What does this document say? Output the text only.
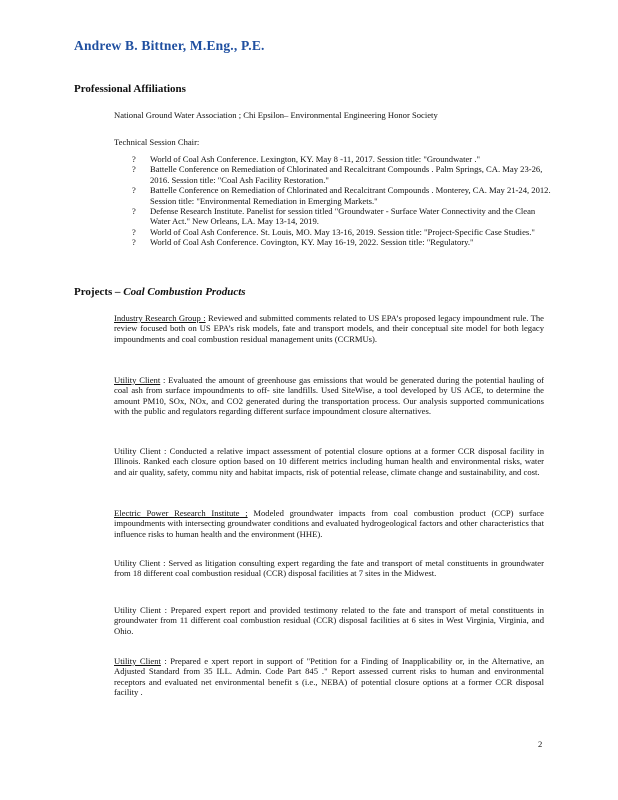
Andrew B. Bittner, M.Eng., P.E.
Professional Affiliations

National Ground Water Association ; Chi Epsilon– Environmental Engineering Honor Society

Technical Session Chair:

? World of Coal Ash Conference. Lexington, KY. May 8 -11, 2017. Session title: "Groundwater ."
? Battelle Conference on Remediation of Chlorinated and Recalcitrant Compounds . Palm Springs, CA. May 23-26, 2016. Session title: "Coal Ash Facility Restoration."
? Battelle Conference on Remediation of Chlorinated and Recalcitrant Compounds . Monterey, CA. May 21-24, 2012. Session title: "Environmental Remediation in Emerging Markets."
? Defense Research Institute. Panelist for session titled "Groundwater - Surface Water Connectivity and the Clean Water Act." New Orleans, LA. May 13-14, 2019.
? World of Coal Ash Conference. St. Louis, MO. May 13-16, 2019. Session title: "Project-Specific Case Studies."
? World of Coal Ash Conference. Covington, KY. May 16-19, 2022. Session title: "Regulatory."
Projects – Coal Combustion Products

Industry Research Group : Reviewed and submitted comments related to US EPA’s proposed legacy impoundment rule. The review focused both on US EPA’s risk models, fate and transport models, and their conceptual site model for both legacy impoundments and coal combustion residual management units (CCRMUs).

Utility Client : Evaluated the amount of greenhouse gas emissions that would be generated during the potential hauling of coal ash from surface impoundments to off- site landfills. Used SiteWise, a tool developed by US ACE, to determine the amount PM10, SOx, NOx, and CO2 generated during the transportation process. Our analysis supported communications with the public and regulators regarding different surface impoundment closure alternatives.

Utility Client : Conducted a relative impact assessment of potential closure options at a former CCR disposal facility in Illinois. Ranked each closure option based on 10 different metrics including human health and environmental risks, water and air quality, safety, commu nity and habitat impacts, risk of potential release, climate change and sustainability, and cost.

Electric Power Research Institute ; Modeled groundwater impacts from coal combustion product (CCP) surface impoundments with intersecting groundwater conditions and evaluated hydrogeological factors and other characteristics that influence risks to human health and the environment (HHE).

Utility Client : Served as litigation consulting expert regarding the fate and transport of metal constituents in groundwater from 18 different coal combustion residual (CCR) disposal facilities at 7 sites in the Midwest.

Utility Client : Prepared expert report and provided testimony related to the fate and transport of metal constituents in groundwater from 11 different coal combustion residual (CCR) disposal facilities at 6 sites in West Virginia, Virginia, and Ohio.

Utility Client : Prepared e xpert report in support of "Petition for a Finding of Inapplicability or, in the Alternative, an Adjusted Standard from 35 ILL. Admin. Code Part 845 ." Report assessed current risks to human and environmental receptors and evaluated net environmental benefit s (i.e., NEBA) of potential closure options at a former CCR disposal facility .

2
